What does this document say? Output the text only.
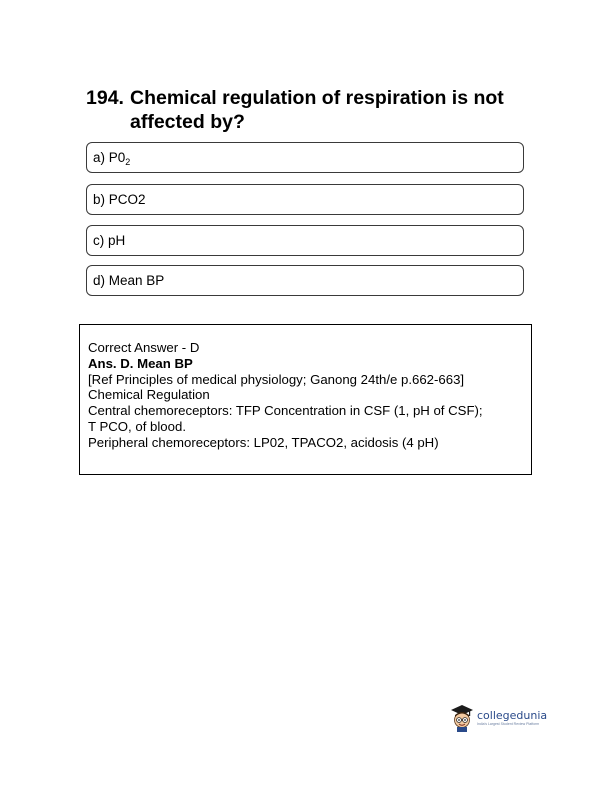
194. Chemical regulation of respiration is not affected by?
a) $P0_2$
b) PCO2
c) pH
d) Mean BP
Correct Answer - D
Ans. D. Mean BP
[Ref Principles of medical physiology; Ganong 24th/e p.662-663]
Chemical Regulation
Central chemoreceptors: TFP Concentration in CSF (1, pH of CSF);
T PCO, of blood.
Peripheral chemoreceptors: LP02, TPACO2, acidosis (4 pH)
collegedunia
India's Largest Student Review Platform
